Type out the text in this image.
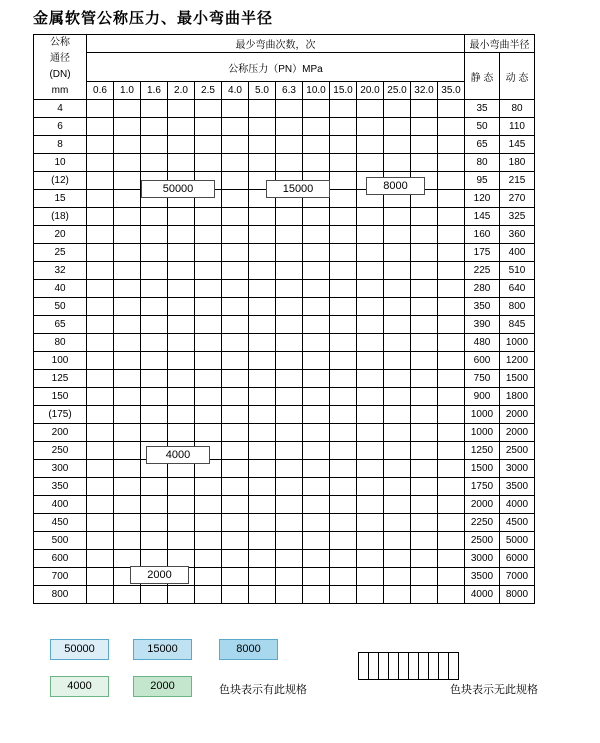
金属软管公称压力、最小弯曲半径
公称
通径
(DN)
mm	最少弯曲次数，次														最小弯曲半径	
	公称压力（PN）MPa														静 态	动 态
	0.6	1.0	1.6	2.0	2.5	4.0	5.0	6.3	10.0	15.0	20.0	25.0	32.0	35.0		
4															35	80
6															50	110
8															65	145
10															80	180
(12)															95	215
15															120	270
(18)															145	325
20															160	360
25															175	400
32															225	510
40															280	640
50															350	800
65															390	845
80															480	1000
100															600	1200
125															750	1500
150															900	1800
(175)															1000	2000
200															1000	2000
250															1250	2500
300															1500	3000
350															1750	3500
400															2000	4000
450															2250	4500
500															2500	5000
600															3000	6000
700															3500	7000
800															4000	8000
50000	15000	8000
4000
2000
50000	15000	8000
4000	2000	色块表示有此规格
										色块表示无此规格
